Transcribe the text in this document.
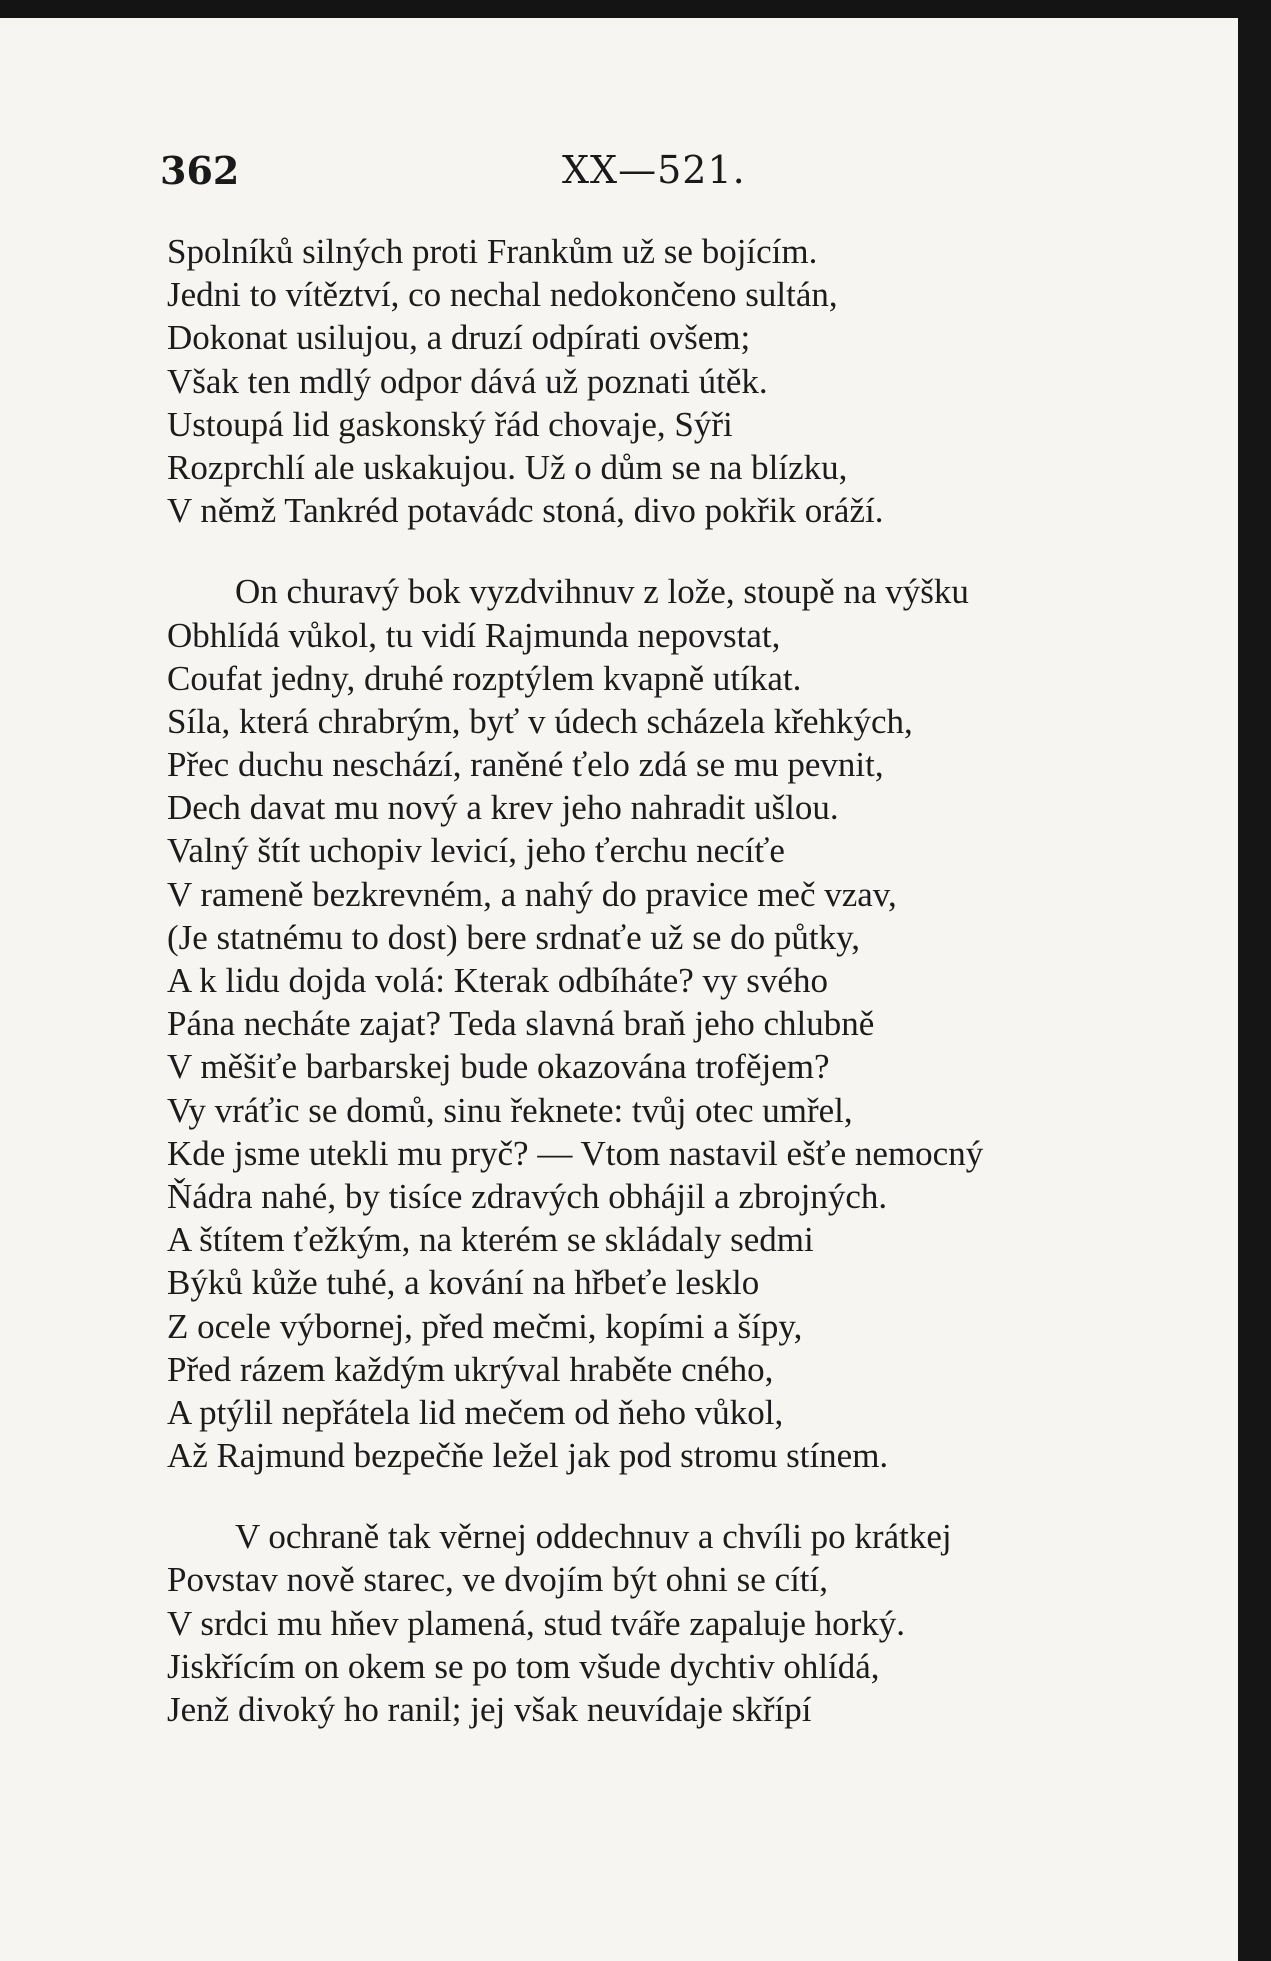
362	XX—521.
Spolníků silných proti Frankům už se bojícím.
Jedni to vítěztví, co nechal nedokončeno sultán,
Dokonat usilujou, a druzí odpírati ovšem;
Však ten mdlý odpor dává už poznati útěk.
Ustoupá lid gaskonský řád chovaje, Sýři
Rozprchlí ale uskakujou. Už o dům se na blízku,
V němž Tankréd potavádc stoná, divo pokřik oráží.
On churavý bok vyzdvihnuv z lože, stoupě na výšku
Obhlídá vůkol, tu vidí Rajmunda nepovstat,
Coufat jedny, druhé rozptýlem kvapně utíkat.
Síla, která chrabrým, byť v údech scházela křehkých,
Přec duchu neschází, raněné ťelo zdá se mu pevnit,
Dech davat mu nový a krev jeho nahradit ušlou.
Valný štít uchopiv levicí, jeho ťerchu necíťe
V rameně bezkrevném, a nahý do pravice meč vzav,
(Je statnému to dost) bere srdnaťe už se do půtky,
A k lidu dojda volá: Kterak odbíháte? vy svého
Pána necháte zajat? Teda slavná braň jeho chlubně
V měšiťe barbarskej bude okazována trofějem?
Vy vráťic se domů, sinu řeknete: tvůj otec umřel,
Kde jsme utekli mu pryč? — Vtom nastavil ešťe nemocný
Ňádra nahé, by tisíce zdravých obhájil a zbrojných.
A štítem ťežkým, na kterém se skládaly sedmi
Býků kůže tuhé, a kování na hřbeťe lesklo
Z ocele výbornej, před mečmi, kopími a šípy,
Před rázem každým ukrýval hraběte cného,
A ptýlil nepřátela lid mečem od ňeho vůkol,
Až Rajmund bezpečňe ležel jak pod stromu stínem.
V ochraně tak věrnej oddechnuv a chvíli po krátkej
Povstav nově starec, ve dvojím být ohni se cítí,
V srdci mu hňev plamená, stud tváře zapaluje horký.
Jiskřícím on okem se po tom všude dychtiv ohlídá,
Jenž divoký ho ranil; jej však neuvídaje skřípí
